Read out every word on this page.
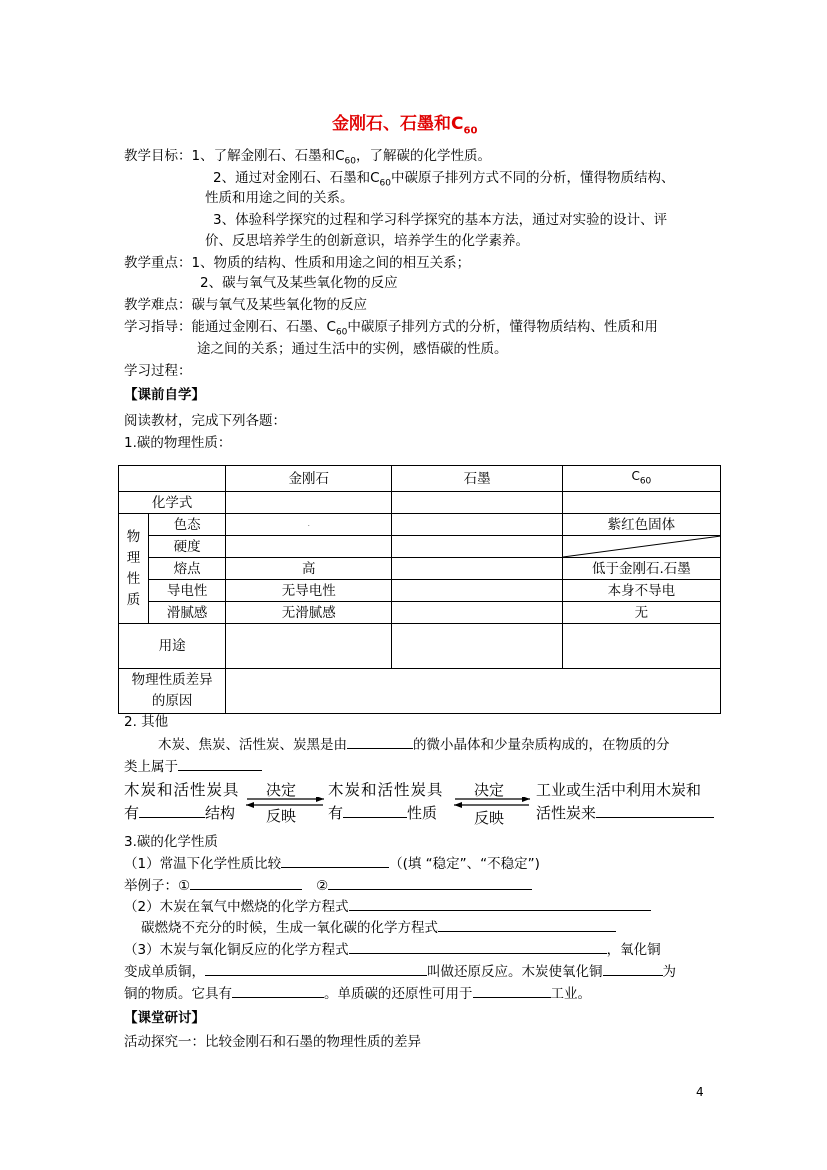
金刚石、石墨和$C_{60}$
教学目标：1、了解金刚石、石墨和$C_{60}$，了解碳的化学性质。
2、通过对金刚石、石墨和$C_{60}$中碳原子排列方式不同的分析，懂得物质结构、
性质和用途之间的关系。
3、体验科学探究的过程和学习科学探究的基本方法，通过对实验的设计、评
价、反思培养学生的创新意识，培养学生的化学素养。
教学重点：1、物质的结构、性质和用途之间的相互关系；
2、碳与氧气及某些氧化物的反应
教学难点：碳与氧气及某些氧化物的反应
学习指导：能通过金刚石、石墨、$C_{60}$中碳原子排列方式的分析，懂得物质结构、性质和用
途之间的关系；通过生活中的实例，感悟碳的性质。
学习过程：
【课前自学】
阅读教材，完成下列各题：
1.碳的物理性质：
		金刚石	石墨	$C_{60}$
化学式				
物
理
性
质	色态	.		紫红色固体
	硬度			

	熔点	高		低于金刚石.石墨
	导电性	无导电性		本身不导电
	滑腻感	无滑腻感		无
用途				
物理性质差异
的原因				
2. 其他
木炭、焦炭、活性炭、炭黑是由	的微小晶体和少量杂质构成的，在物质的分
类上属于
木炭和活性炭具
有	结构
决定
反映
木炭和活性炭具
有	性质
决定
反映
工业或生活中利用木炭和
活性炭来
3.碳的化学性质
（1）常温下化学性质比较	（(填 “稳定”、“不稳定”)
举例子：①	②
（2）木炭在氧气中燃烧的化学方程式
碳燃烧不充分的时候，生成一氧化碳的化学方程式
（3）木炭与氧化铜反应的化学方程式	，氧化铜
变成单质铜，	叫做还原反应。木炭使氧化铜	为
铜的物质。它具有	。单质碳的还原性可用于	工业。
【课堂研讨】
活动探究一：比较金刚石和石墨的物理性质的差异
4
